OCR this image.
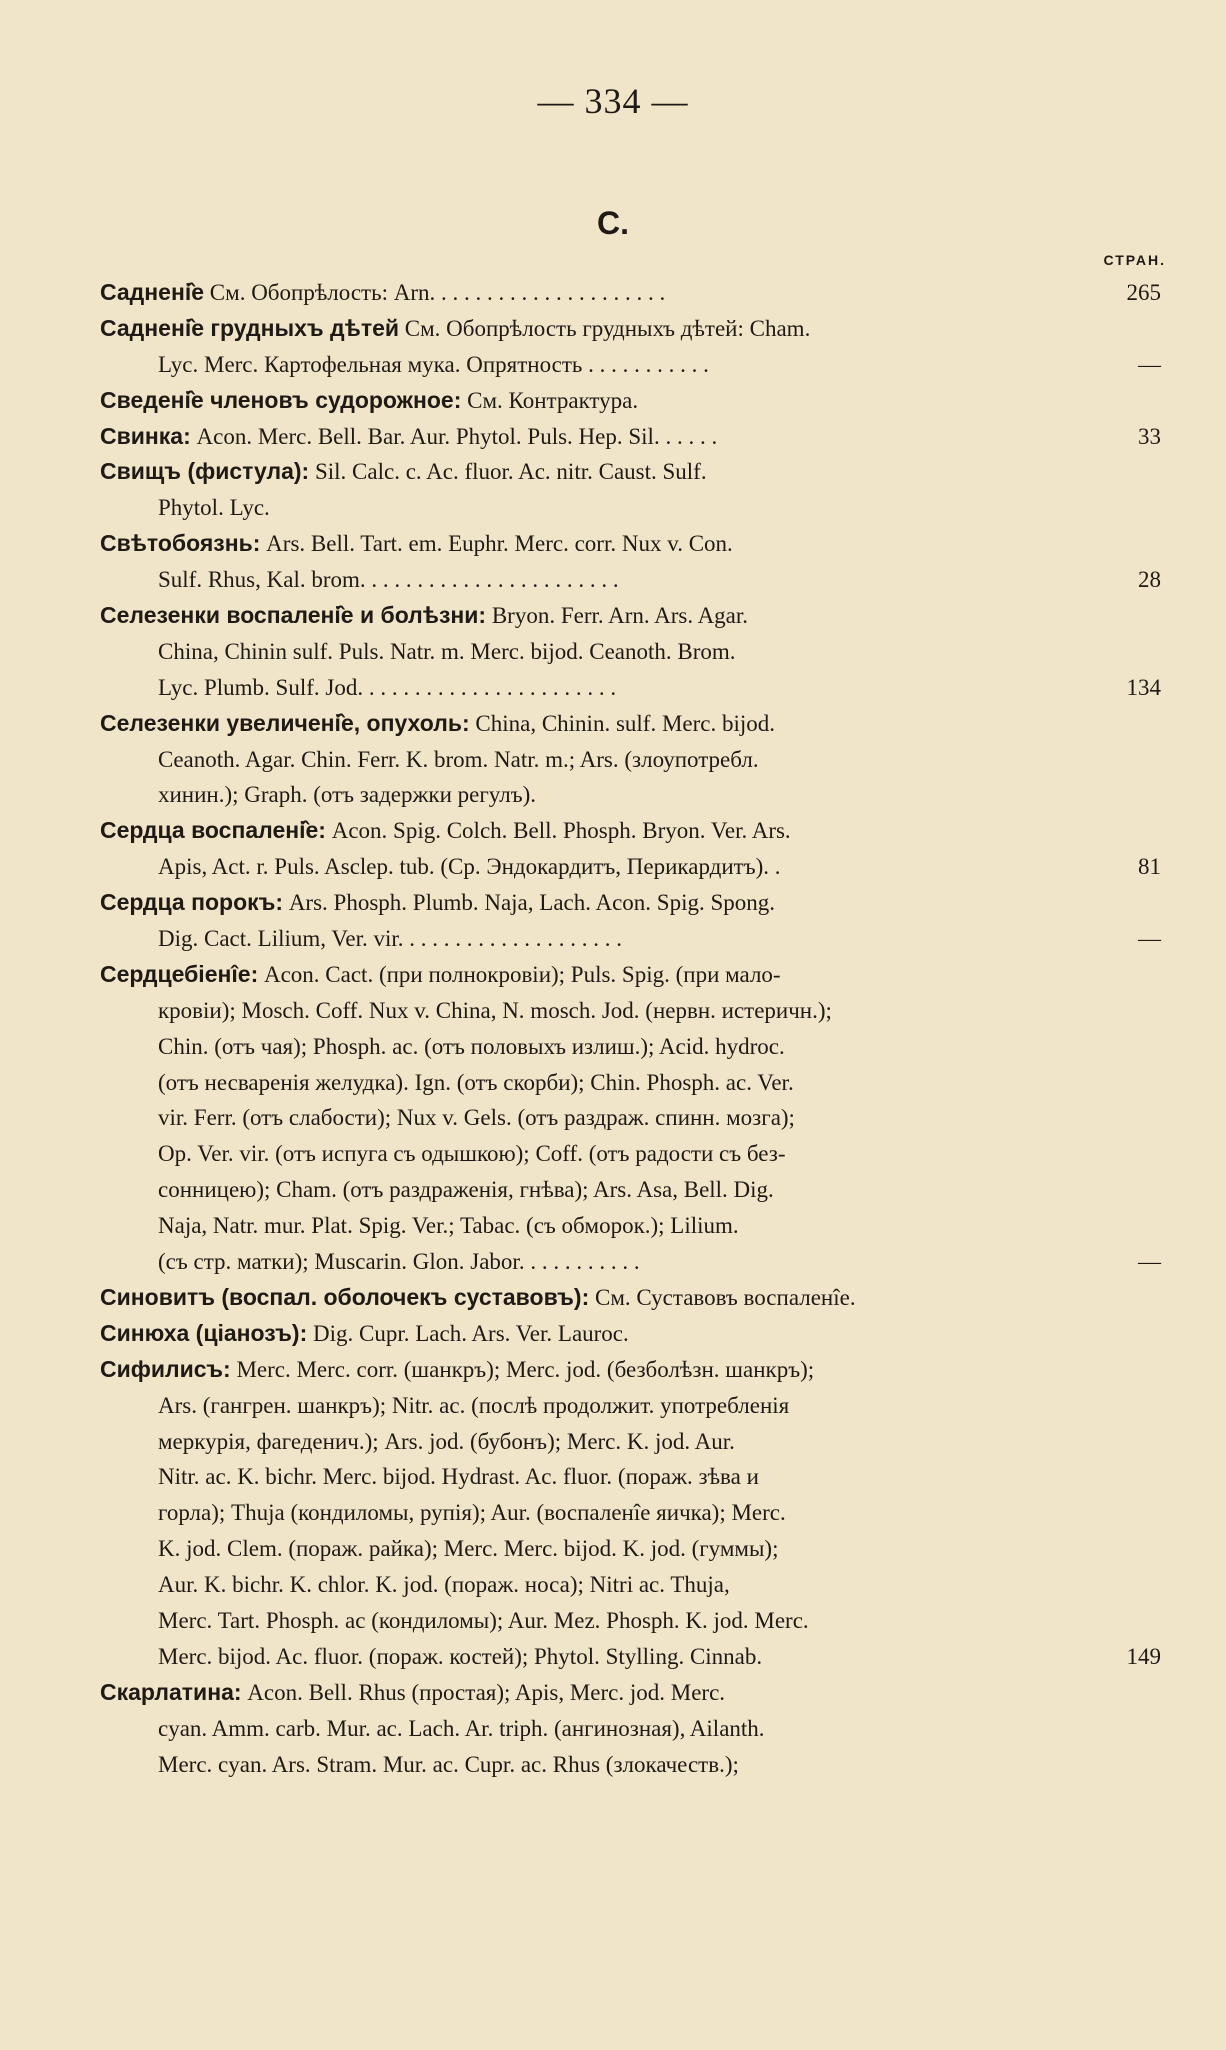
— 334 —
С.
СТРАН.
265
Саднені̂е См. Обопрѣлость: Arn. . . . . . . . . . . . . . . . . . . . .
Саднені̂е грудныхъ дѣтей См. Обопрѣлость грудныхъ дѣтей: Cham.
—
Lyc. Merc. Картофельная мука. Опрятность . . . . . . . . . . .
Сведені̂е членовъ судорожное: См. Контрактура.
33
Свинка: Acon. Merc. Bell. Bar. Aur. Phytol. Puls. Hep. Sil. . . . . .
Свищъ (фистула): Sil. Calc. c. Ac. fluor. Ac. nitr. Caust. Sulf.
Phytol. Lyc.
Свѣтобоязнь: Ars. Bell. Tart. em. Euphr. Merc. corr. Nux v. Con.
28
Sulf. Rhus, Kal. brom. . . . . . . . . . . . . . . . . . . . . . .
Селезенки воспалені̂е и болѣзни: Bryon. Ferr. Arn. Ars. Agar.
China, Chinin sulf. Puls. Natr. m. Merc. bijod. Ceanoth. Brom.
134
Lyc. Plumb. Sulf. Jod. . . . . . . . . . . . . . . . . . . . . . .
Селезенки увеличені̂е, опухоль: China, Chinin. sulf. Merc. bijod.
Ceanoth. Agar. Chin. Ferr. K. brom. Natr. m.; Ars. (злоупотребл.
хинин.); Graph. (отъ задержки регулъ).
Сердца воспалені̂е: Acon. Spig. Colch. Bell. Phosph. Bryon. Ver. Ars.
81
Apis, Act. r. Puls. Asclep. tub. (Ср. Эндокардитъ, Перикардитъ). .
Сердца порокъ: Ars. Phosph. Plumb. Naja, Lach. Acon. Spig. Spong.
—
Dig. Cact. Lilium, Ver. vir. . . . . . . . . . . . . . . . . . . .
Сердцебiенîе: Acon. Cact. (при полнокровiи); Puls. Spig. (при мало-
кровiи); Mosch. Coff. Nux v. China, N. mosch. Jod. (нервн. истеричн.);
Chin. (отъ чая); Phosph. ac. (отъ половыхъ излиш.); Acid. hydroc.
(отъ несваренiя желудка). Ign. (отъ скорби); Chin. Phosph. ac. Ver.
vir. Ferr. (отъ слабости); Nux v. Gels. (отъ раздраж. спинн. мозга);
Op. Ver. vir. (отъ испуга съ одышкою); Coff. (отъ радости съ без-
сонницею); Cham. (отъ раздраженiя, гнѣва); Ars. Asa, Bell. Dig.
Naja, Natr. mur. Plat. Spig. Ver.; Tabac. (съ обморок.); Lilium.
—
(съ стр. матки); Muscarin. Glon. Jabor. . . . . . . . . . .
Синовитъ (воспал. оболочекъ суставовъ): См. Суставовъ воспаленîе.
Синюха (цiанозъ): Dig. Cupr. Lach. Ars. Ver. Lauroc.
Сифилисъ: Merc. Merc. corr. (шанкръ); Merc. jod. (безболѣзн. шанкръ);
Ars. (гангрен. шанкръ); Nitr. ac. (послѣ продолжит. употребленiя
меркурiя, фагеденич.); Ars. jod. (бубонъ); Merc. K. jod. Aur.
Nitr. ac. K. bichr. Merc. bijod. Hydrast. Ac. fluor. (пораж. зѣва и
горла); Thuja (кондиломы, рупiя); Aur. (воспаленîе яичка); Merc.
K. jod. Clem. (пораж. райка); Merc. Merc. bijod. K. jod. (гуммы);
Aur. K. bichr. K. chlor. K. jod. (пораж. носа); Nitri ac. Thuja,
Merc. Tart. Phosph. ac (кондиломы); Aur. Mez. Phosph. K. jod. Merc.
149
Merc. bijod. Ac. fluor. (пораж. костей); Phytol. Stylling. Cinnab.
Скарлатина: Acon. Bell. Rhus (простая); Apis, Merc. jod. Merc.
cyan. Amm. carb. Mur. ac. Lach. Ar. triph. (ангинозная), Ailanth.
Merc. cyan. Ars. Stram. Mur. ac. Cupr. ac. Rhus (злокачеств.);
